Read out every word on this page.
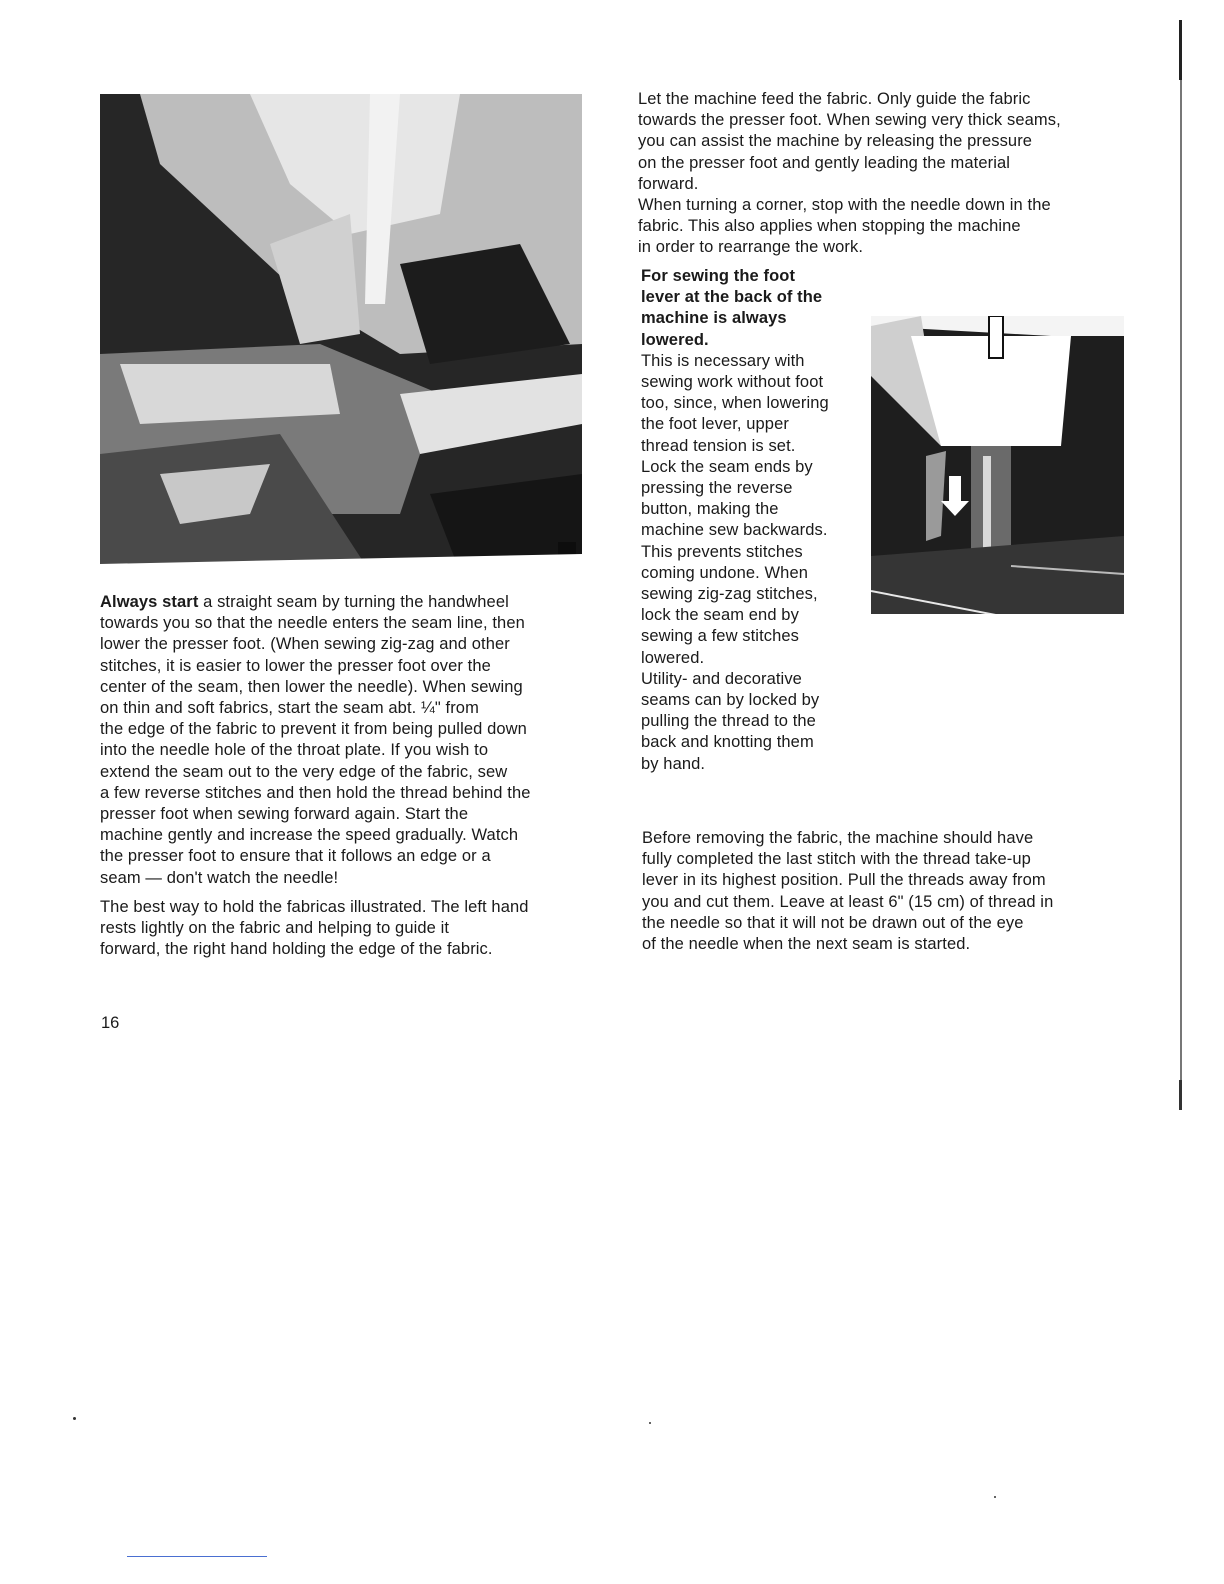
Always start a straight seam by turning the handwheel

towards you so that the needle enters the seam line, then

lower the presser foot. (When sewing zig-zag and other

stitches, it is easier to lower the presser foot over the

center of the seam, then lower the needle). When sewing

on thin and soft fabrics, start the seam abt. ¼" from

the edge of the fabric to prevent it from being pulled down

into the needle hole of the throat plate. If you wish to

extend the seam out to the very edge of the fabric, sew

a few reverse stitches and then hold the thread behind the

presser foot when sewing forward again. Start the

machine gently and increase the speed gradually. Watch

the presser foot to ensure that it follows an edge or a

seam — don't watch the needle!

The best way to hold the fabricas illustrated. The left hand

rests lightly on the fabric and helping to guide it

forward, the right hand holding the edge of the fabric.

Let the machine feed the fabric. Only guide the fabric

towards the presser foot. When sewing very thick seams,

you can assist the machine by releasing the pressure

on the presser foot and gently leading the material

forward.

When turning a corner, stop with the needle down in the

fabric. This also applies when stopping the machine

in order to rearrange the work.

For sewing the foot

lever at the back of the

machine is always

lowered.

This is necessary with

sewing work without foot

too, since, when lowering

the foot lever, upper

thread tension is set.

Lock the seam ends by

pressing the reverse

button, making the

machine sew backwards.

This prevents stitches

coming undone. When

sewing zig-zag stitches,

lock the seam end by

sewing a few stitches

lowered.

Utility- and decorative

seams can by locked by

pulling the thread to the

back and knotting them

by hand.

Before removing the fabric, the machine should have

fully completed the last stitch with the thread take-up

lever in its highest position. Pull the threads away from

you and cut them. Leave at least 6" (15 cm) of thread in

the needle so that it will not be drawn out of the eye

of the needle when the next seam is started.

16
